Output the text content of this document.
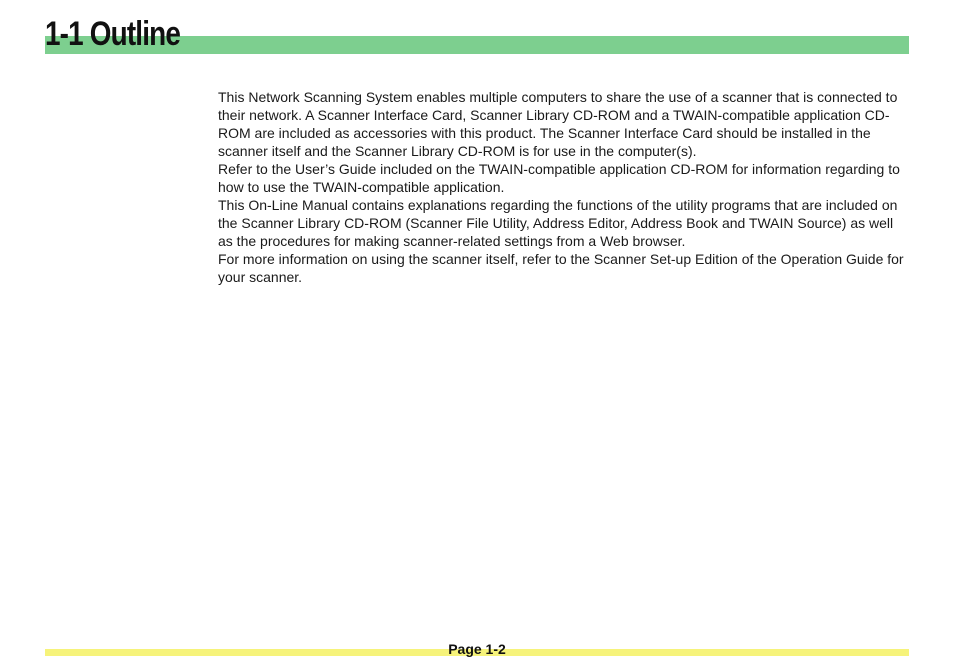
1-1 Outline

This Network Scanning System enables multiple computers to share the use of a scanner that is connected to their network. A Scanner Interface Card, Scanner Library CD-ROM and a TWAIN-compatible application CD-ROM are included as accessories with this product. The Scanner Interface Card should be installed in the scanner itself and the Scanner Library CD-ROM is for use in the computer(s).

Refer to the User’s Guide included on the TWAIN-compatible application CD-ROM for information regarding to how to use the TWAIN-compatible application.

This On-Line Manual contains explanations regarding the functions of the utility programs that are included on the Scanner Library CD-ROM (Scanner File Utility, Address Editor, Address Book and TWAIN Source) as well as the procedures for making scanner-related settings from a Web browser.

For more information on using the scanner itself, refer to the Scanner Set-up Edition of the Operation Guide for your scanner.

Page 1-2
